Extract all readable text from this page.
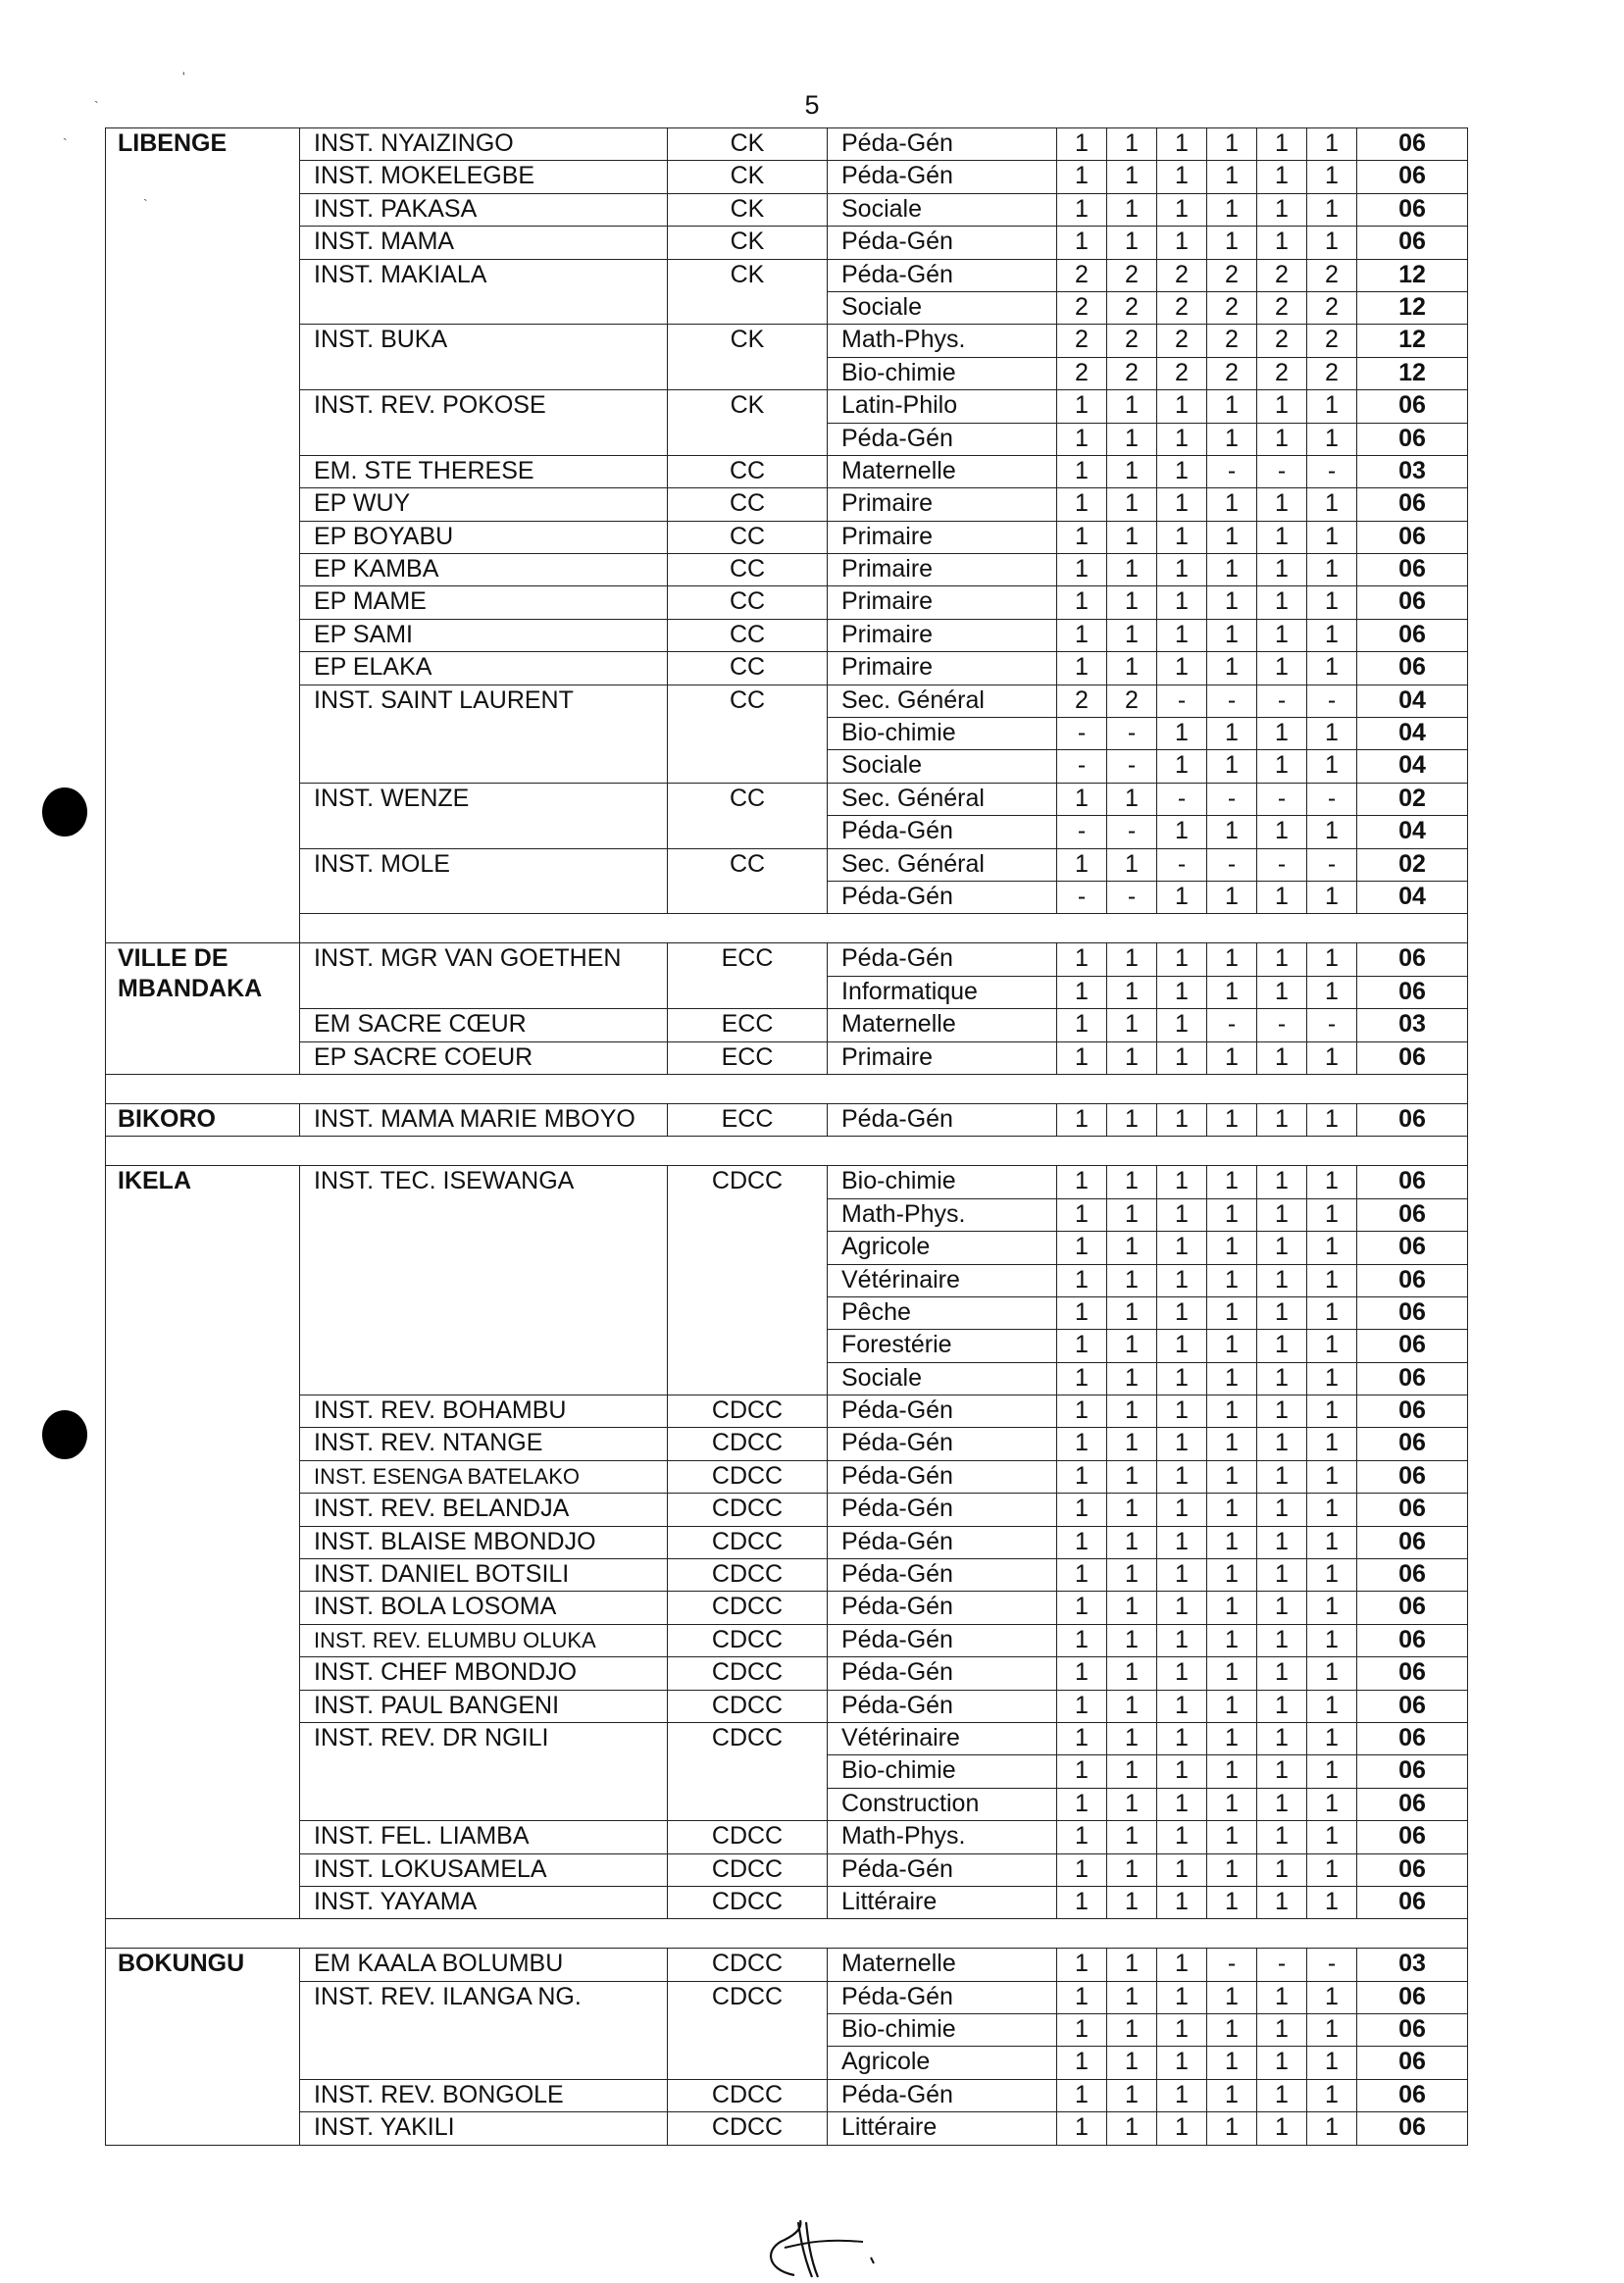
5
LIBENGE	INST. NYAIZINGO	CK	Péda-Gén	1	1	1	1	1	1	06
	INST. MOKELEGBE	CK	Péda-Gén	1	1	1	1	1	1	06
	INST. PAKASA	CK	Sociale	1	1	1	1	1	1	06
	INST. MAMA	CK	Péda-Gén	1	1	1	1	1	1	06
	INST. MAKIALA	CK	Péda-Gén	2	2	2	2	2	2	12
			Sociale	2	2	2	2	2	2	12
	INST. BUKA	CK	Math-Phys.	2	2	2	2	2	2	12
			Bio-chimie	2	2	2	2	2	2	12
	INST. REV. POKOSE	CK	Latin-Philo	1	1	1	1	1	1	06
			Péda-Gén	1	1	1	1	1	1	06
	EM. STE THERESE	CC	Maternelle	1	1	1	-	-	-	03
	EP WUY	CC	Primaire	1	1	1	1	1	1	06
	EP BOYABU	CC	Primaire	1	1	1	1	1	1	06
	EP KAMBA	CC	Primaire	1	1	1	1	1	1	06
	EP MAME	CC	Primaire	1	1	1	1	1	1	06
	EP SAMI	CC	Primaire	1	1	1	1	1	1	06
	EP ELAKA	CC	Primaire	1	1	1	1	1	1	06
	INST. SAINT LAURENT	CC	Sec. Général	2	2	-	-	-	-	04
			Bio-chimie	-	-	1	1	1	1	04
			Sociale	-	-	1	1	1	1	04
	INST. WENZE	CC	Sec. Général	1	1	-	-	-	-	02
			Péda-Gén	-	-	1	1	1	1	04
	INST. MOLE	CC	Sec. Général	1	1	-	-	-	-	02
			Péda-Gén	-	-	1	1	1	1	04

VILLE DE MBANDAKA	INST. MGR VAN GOETHEN	ECC	Péda-Gén	1	1	1	1	1	1	06
			Informatique	1	1	1	1	1	1	06
	EM SACRE CŒUR	ECC	Maternelle	1	1	1	-	-	-	03
	EP SACRE COEUR	ECC	Primaire	1	1	1	1	1	1	06

BIKORO	INST. MAMA MARIE MBOYO	ECC	Péda-Gén	1	1	1	1	1	1	06

IKELA	INST. TEC. ISEWANGA	CDCC	Bio-chimie	1	1	1	1	1	1	06
			Math-Phys.	1	1	1	1	1	1	06
			Agricole	1	1	1	1	1	1	06
			Vétérinaire	1	1	1	1	1	1	06
			Pêche	1	1	1	1	1	1	06
			Forestérie	1	1	1	1	1	1	06
			Sociale	1	1	1	1	1	1	06
	INST. REV. BOHAMBU	CDCC	Péda-Gén	1	1	1	1	1	1	06
	INST. REV. NTANGE	CDCC	Péda-Gén	1	1	1	1	1	1	06
	INST. ESENGA BATELAKO	CDCC	Péda-Gén	1	1	1	1	1	1	06
	INST. REV. BELANDJA	CDCC	Péda-Gén	1	1	1	1	1	1	06
	INST. BLAISE MBONDJO	CDCC	Péda-Gén	1	1	1	1	1	1	06
	INST. DANIEL BOTSILI	CDCC	Péda-Gén	1	1	1	1	1	1	06
	INST. BOLA LOSOMA	CDCC	Péda-Gén	1	1	1	1	1	1	06
	INST. REV. ELUMBU OLUKA	CDCC	Péda-Gén	1	1	1	1	1	1	06
	INST. CHEF MBONDJO	CDCC	Péda-Gén	1	1	1	1	1	1	06
	INST. PAUL BANGENI	CDCC	Péda-Gén	1	1	1	1	1	1	06
	INST. REV. DR NGILI	CDCC	Vétérinaire	1	1	1	1	1	1	06
			Bio-chimie	1	1	1	1	1	1	06
			Construction	1	1	1	1	1	1	06
	INST. FEL. LIAMBA	CDCC	Math-Phys.	1	1	1	1	1	1	06
	INST. LOKUSAMELA	CDCC	Péda-Gén	1	1	1	1	1	1	06
	INST. YAYAMA	CDCC	Littéraire	1	1	1	1	1	1	06

BOKUNGU	EM KAALA BOLUMBU	CDCC	Maternelle	1	1	1	-	-	-	03
	INST. REV. ILANGA NG.	CDCC	Péda-Gén	1	1	1	1	1	1	06
			Bio-chimie	1	1	1	1	1	1	06
			Agricole	1	1	1	1	1	1	06
	INST. REV. BONGOLE	CDCC	Péda-Gén	1	1	1	1	1	1	06
	INST. YAKILI	CDCC	Littéraire	1	1	1	1	1	1	06
'
`
`
`
